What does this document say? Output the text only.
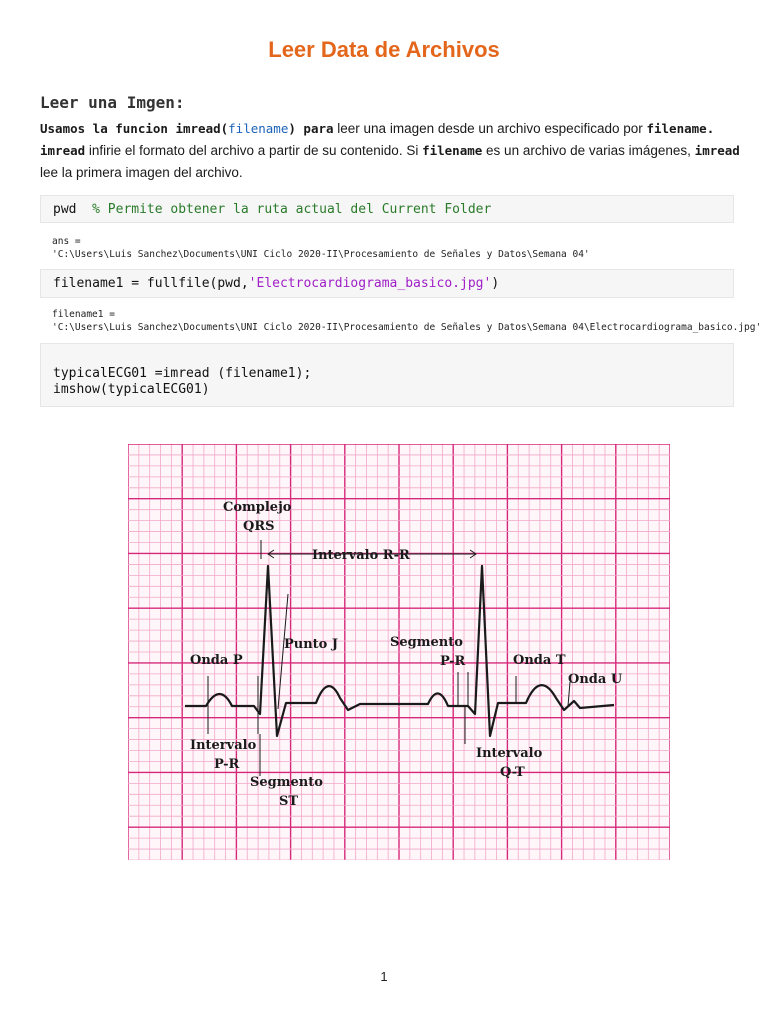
Leer Data de Archivos
Leer una Imgen:
Usamos la funcion imread(filename) para leer una imagen desde un archivo especificado por filename. imread infirie el formato del archivo a partir de su contenido. Si filename es un archivo de varias imágenes, imread lee la primera imagen del archivo.
pwd % Permite obtener la ruta actual del Current Folder
ans =
'C:\Users\Luis Sanchez\Documents\UNI Ciclo 2020-II\Procesamiento de Señales y Datos\Semana 04'
filename1 = fullfile(pwd,'Electrocardiograma_basico.jpg')
filename1 =
'C:\Users\Luis Sanchez\Documents\UNI Ciclo 2020-II\Procesamiento de Señales y Datos\Semana 04\Electrocardiograma_basico.jpg'
typicalECG01 =imread (filename1);
imshow(typicalECG01)
Complejo
QRS
Intervalo R-R
Punto J	Segmento
P-R
Onda P	Onda T
Onda U
Intervalo
P-R
Segmento
ST
Intervalo
Q-T
1
